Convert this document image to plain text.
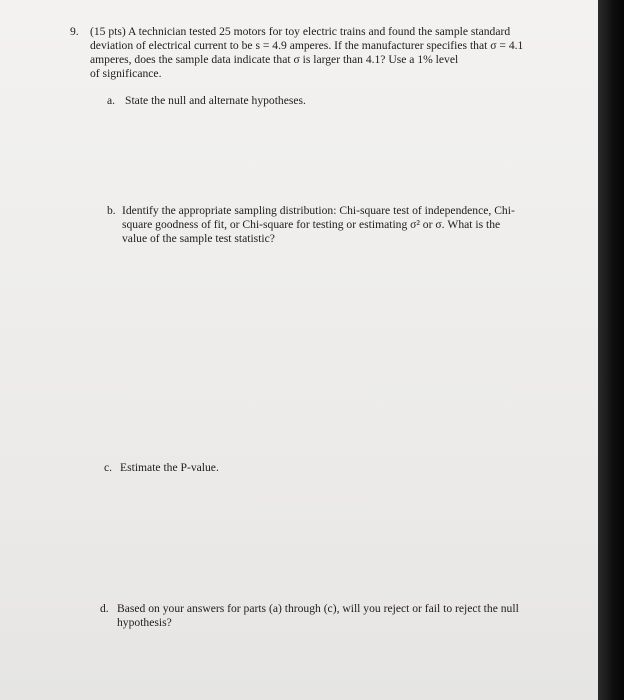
9. (15 pts) A technician tested 25 motors for toy electric trains and found the sample standard
deviation of electrical current to be s = 4.9 amperes. If the manufacturer specifies that σ = 4.1
amperes, does the sample data indicate that σ is larger than 4.1? Use a 1% level
of significance.
a. State the null and alternate hypotheses.
b. Identify the appropriate sampling distribution: Chi-square test of independence, Chi-
square goodness of fit, or Chi-square for testing or estimating σ² or σ. What is the
value of the sample test statistic?
c. Estimate the P-value.
d. Based on your answers for parts (a) through (c), will you reject or fail to reject the null
hypothesis?
